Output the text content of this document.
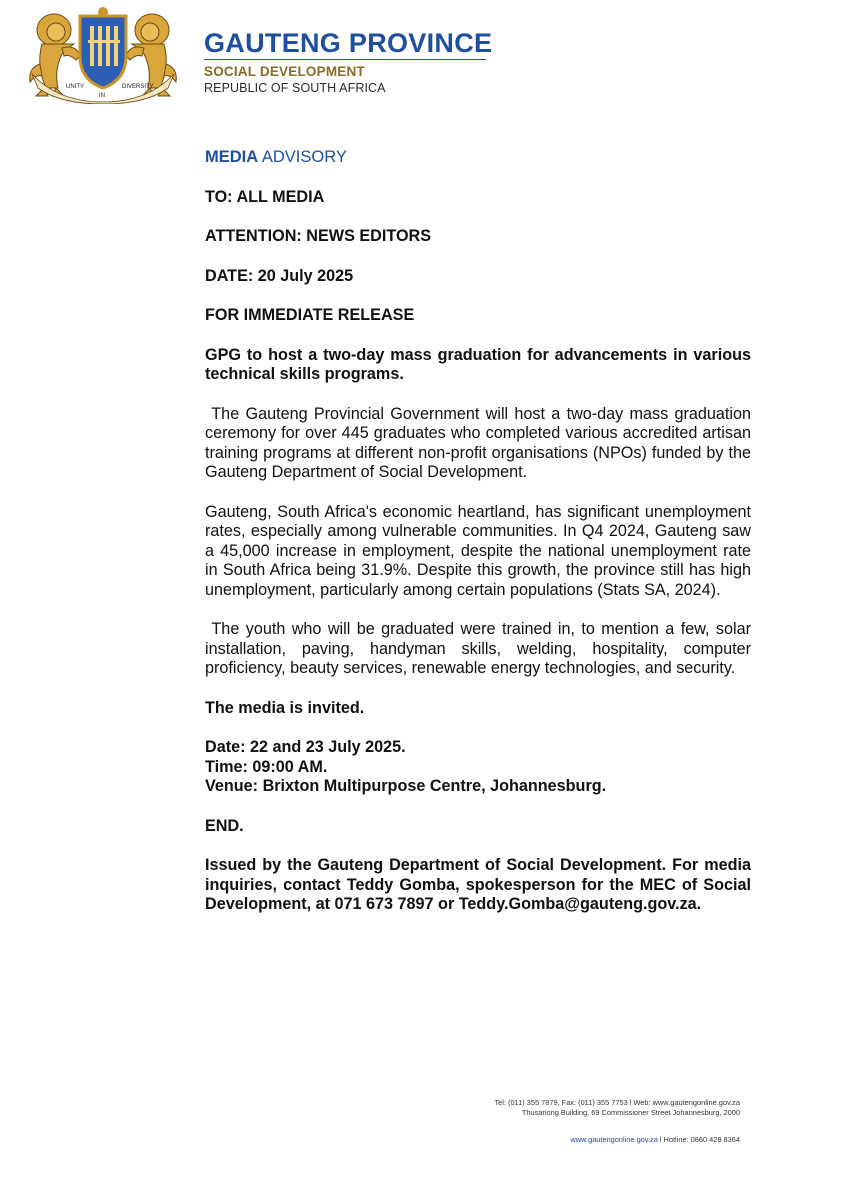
UNITY
IN
DIVERSITY
GAUTENG PROVINCE
SOCIAL DEVELOPMENT
REPUBLIC OF SOUTH AFRICA

MEDIA ADVISORY

TO: ALL MEDIA

ATTENTION: NEWS EDITORS

DATE: 20 July 2025

FOR IMMEDIATE RELEASE

GPG to host a two-day mass graduation for advancements in various technical skills programs.

The Gauteng Provincial Government will host a two-day mass graduation ceremony for over 445 graduates who completed various accredited artisan training programs at different non-profit organisations (NPOs) funded by the Gauteng Department of Social Development.

Gauteng, South Africa's economic heartland, has significant unemployment rates, especially among vulnerable communities. In Q4 2024, Gauteng saw a 45,000 increase in employment, despite the national unemployment rate in South Africa being 31.9%. Despite this growth, the province still has high unemployment, particularly among certain populations (Stats SA, 2024).

The youth who will be graduated were trained in, to mention a few, solar installation, paving, handyman skills, welding, hospitality, computer proficiency, beauty services, renewable energy technologies, and security.

The media is invited.

Date: 22 and 23 July 2025.

Time: 09:00 AM.

Venue: Brixton Multipurpose Centre, Johannesburg.

END.

Issued by the Gauteng Department of Social Development. For media inquiries, contact Teddy Gomba, spokesperson for the MEC of Social Development, at 071 673 7897 or Teddy.Gomba@gauteng.gov.za.

Tel: (011) 355 7879, Fax: (011) 355 7753 l Web: www.gautengonline.gov.za
Thusanong Building, 69 Commissioner Street Johannesburg, 2000
www.gautengonline.gov.za l Hotline: 0860 428 8364
